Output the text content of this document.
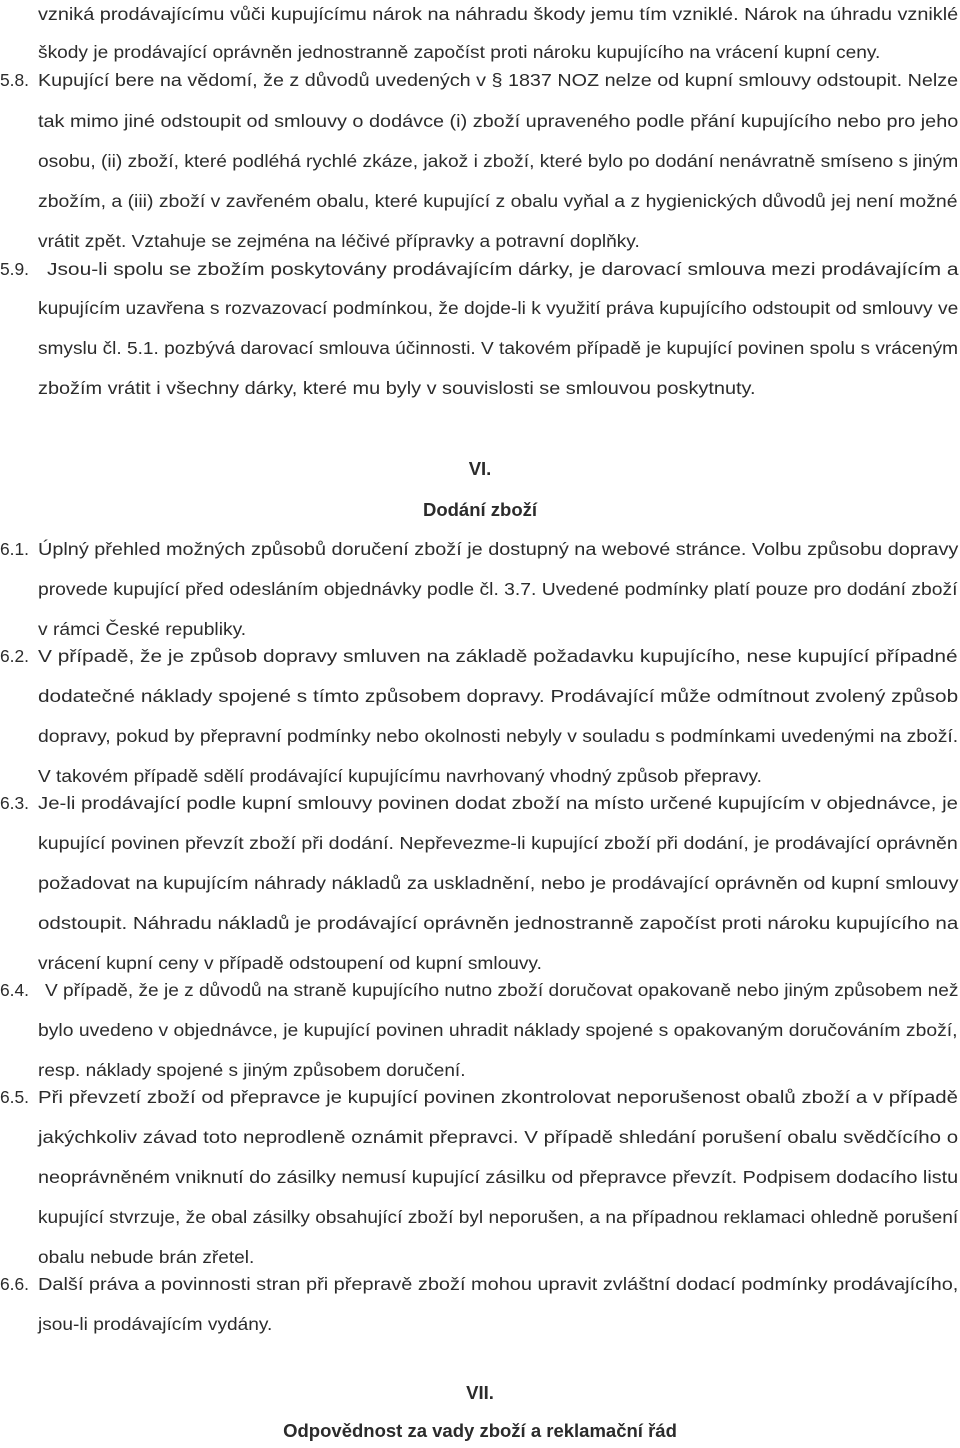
vzniká prodávajícímu vůči kupujícímu nárok na náhradu škody jemu tím vzniklé. Nárok na úhradu vzniklé
škody je prodávající oprávněn jednostranně započíst proti nároku kupujícího na vrácení kupní ceny.
5.8. Kupující bere na vědomí, že z důvodů uvedených v § 1837 NOZ nelze od kupní smlouvy odstoupit. Nelze
tak mimo jiné odstoupit od smlouvy o dodávce (i) zboží upraveného podle přání kupujícího nebo pro jeho
osobu, (ii) zboží, které podléhá rychlé zkáze, jakož i zboží, které bylo po dodání nenávratně smíseno s jiným
zbožím, a (iii) zboží v zavřeném obalu, které kupující z obalu vyňal a z hygienických důvodů jej není možné
vrátit zpět. Vztahuje se zejména na léčivé přípravky a potravní doplňky.
5.9. Jsou-li spolu se zbožím poskytovány prodávajícím dárky, je darovací smlouva mezi prodávajícím a
kupujícím uzavřena s rozvazovací podmínkou, že dojde-li k využití práva kupujícího odstoupit od smlouvy ve
smyslu čl. 5.1. pozbývá darovací smlouva účinnosti. V takovém případě je kupující povinen spolu s vráceným
zbožím vrátit i všechny dárky, které mu byly v souvislosti se smlouvou poskytnuty.
VI.
Dodání zboží
6.1. Úplný přehled možných způsobů doručení zboží je dostupný na webové stránce. Volbu způsobu dopravy
provede kupující před odesláním objednávky podle čl. 3.7. Uvedené podmínky platí pouze pro dodání zboží
v rámci České republiky.
6.2. V případě, že je způsob dopravy smluven na základě požadavku kupujícího, nese kupující případné
dodatečné náklady spojené s tímto způsobem dopravy. Prodávající může odmítnout zvolený způsob
dopravy, pokud by přepravní podmínky nebo okolnosti nebyly v souladu s podmínkami uvedenými na zboží.
V takovém případě sdělí prodávající kupujícímu navrhovaný vhodný způsob přepravy.
6.3. Je-li prodávající podle kupní smlouvy povinen dodat zboží na místo určené kupujícím v objednávce, je
kupující povinen převzít zboží při dodání. Nepřevezme-li kupující zboží při dodání, je prodávající oprávněn
požadovat na kupujícím náhrady nákladů za uskladnění, nebo je prodávající oprávněn od kupní smlouvy
odstoupit. Náhradu nákladů je prodávající oprávněn jednostranně započíst proti nároku kupujícího na
vrácení kupní ceny v případě odstoupení od kupní smlouvy.
6.4. V případě, že je z důvodů na straně kupujícího nutno zboží doručovat opakovaně nebo jiným způsobem než
bylo uvedeno v objednávce, je kupující povinen uhradit náklady spojené s opakovaným doručováním zboží,
resp. náklady spojené s jiným způsobem doručení.
6.5. Při převzetí zboží od přepravce je kupující povinen zkontrolovat neporušenost obalů zboží a v případě
jakýchkoliv závad toto neprodleně oznámit přepravci. V případě shledání porušení obalu svědčícího o
neoprávněném vniknutí do zásilky nemusí kupující zásilku od přepravce převzít. Podpisem dodacího listu
kupující stvrzuje, že obal zásilky obsahující zboží byl neporušen, a na případnou reklamaci ohledně porušení
obalu nebude brán zřetel.
6.6. Další práva a povinnosti stran při přepravě zboží mohou upravit zvláštní dodací podmínky prodávajícího,
jsou-li prodávajícím vydány.
VII.
Odpovědnost za vady zboží a reklamační řád
